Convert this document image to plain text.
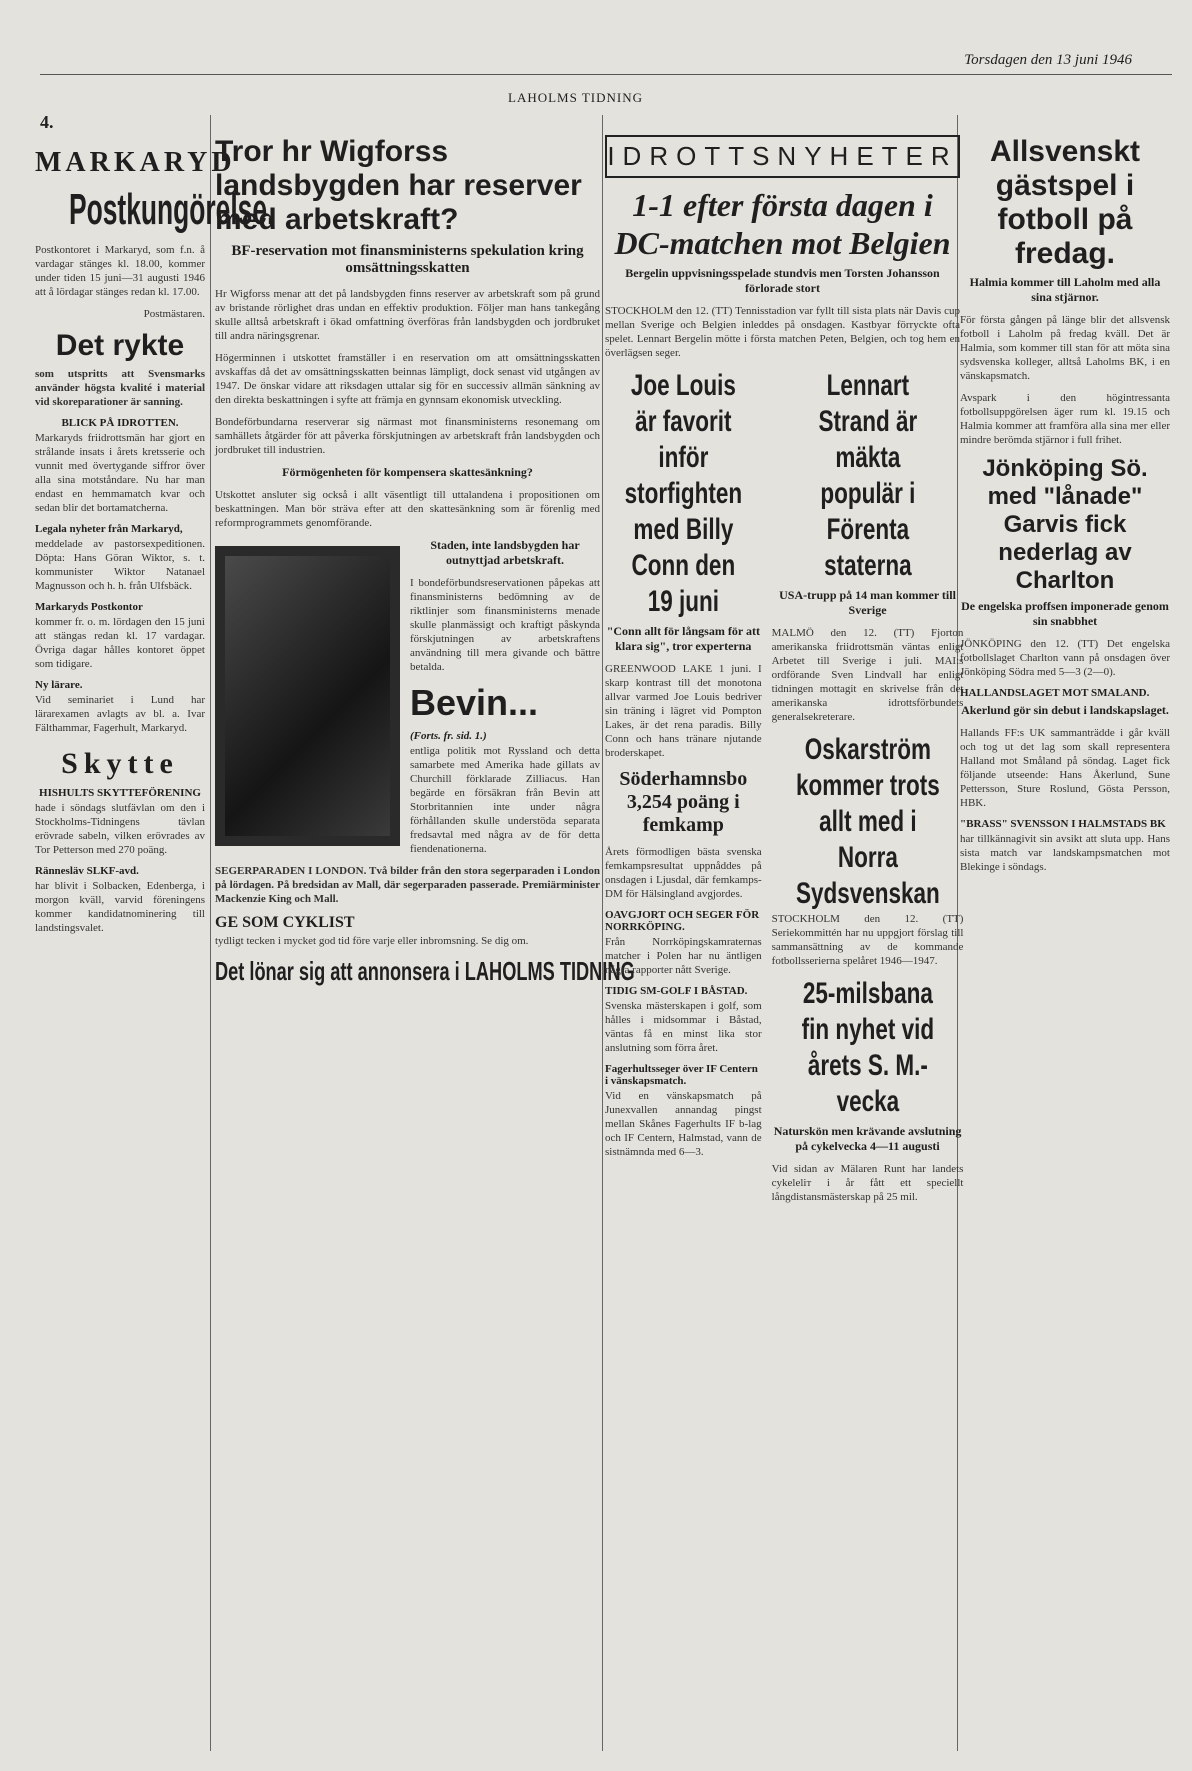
Torsdagen den 13 juni 1946
LAHOLMS TIDNING
4.
MARKARYD
Postkungörelse.

Postkontoret i Markaryd, som f.n. å vardagar stänges kl. 18.00, kommer under tiden 15 juni—31 augusti 1946 att å lördagar stänges redan kl. 17.00.

Postmästaren.

Det rykte

som utspritts att Svensmarks använder högsta kvalité i material vid skoreparationer är sanning.

BLICK PÅ IDROTTEN.

Markaryds friidrottsmän har gjort en strålande insats i årets kretsserie och vunnit med övertygande siffror över alla sina motståndare. Nu har man endast en hemmamatch kvar och sedan blir det bortamatcherna.

Legala nyheter från Markaryd,

meddelade av pastorsexpeditionen. Döpta: Hans Göran Wiktor, s. t. kommunister Wiktor Natanael Magnusson och h. h. från Ulfsbäck.

Markaryds Postkontor

kommer fr. o. m. lördagen den 15 juni att stängas redan kl. 17 vardagar. Övriga dagar hålles kontoret öppet som tidigare.

Ny lärare.

Vid seminariet i Lund har lärarexamen avlagts av bl. a. Ivar Fälthammar, Fagerhult, Markaryd.

Skytte
HISHULTS SKYTTEFÖRENING

hade i söndags slutfävlan om den i Stockholms-Tidningens tävlan erövrade sabeln, vilken erövrades av Tor Petterson med 270 poäng.

Rännesläv SLKF-avd.

har blivit i Solbacken, Edenberga, i morgon kväll, varvid föreningens kommer kandidatnominering till landstingsvalet.

Tror hr Wigforss landsbygden har reserver med arbetskraft?
BF-reservation mot finansministerns spekulation kring omsättningsskatten

Hr Wigforss menar att det på landsbygden finns reserver av arbetskraft som på grund av bristande rörlighet dras undan en effektiv produktion. Följer man hans tankegång skulle alltså arbetskraft i ökad omfattning överföras från landsbygden och jordbruket till andra näringsgrenar.

Högerminnen i utskottet framställer i en reservation om att omsättningsskatten avskaffas då det av omsättningsskatten beinnas lämpligt, dock senast vid utgången av 1947. De önskar vidare att riksdagen uttalar sig för en successiv allmän sänkning av den direkta beskattningen i syfte att främja en gynnsam ekonomisk utveckling.

Bondeförbundarna reserverar sig närmast mot finansministerns resonemang om samhällets åtgärder för att påverka förskjutningen av arbetskraft från landsbygden och jordbruket till industrien.

Förmögenheten för kompensera skattesänkning?

Utskottet ansluter sig också i allt väsentligt till uttalandena i propositionen om beskattningen. Man bör sträva efter att den skattesänkning som är förenlig med reformprogrammets genomförande.

Staden, inte landsbygden har outnyttjad arbetskraft.

I bondeförbundsreservationen påpekas att finansministerns bedömning av de riktlinjer som finansministerns menade skulle planmässigt och kraftigt påskynda förskjutningen av arbetskraftens användning till mera givande och bättre betalda.

Bevin...
(Forts. fr. sid. 1.)

entliga politik mot Ryssland och detta samarbete med Amerika hade gillats av Churchill förklarade Zilliacus. Han begärde en försäkran från Bevin att Storbritannien inte under några förhållanden skulle understöda separata fredsavtal med några av de för detta fiendenationerna.

SEGERPARADEN I LONDON. Två bilder från den stora segerparaden i London på lördagen. På bredsidan av Mall, där segerparaden passerade. Premiärminister Mackenzie King och Mall.

GE SOM CYKLIST

tydligt tecken i mycket god tid före varje eller inbromsning. Se dig om.

Det lönar sig att annonsera i LAHOLMS TIDNING
IDROTTSNYHETER
1-1 efter första dagen i DC-matchen mot Belgien
Bergelin uppvisningsspelade stundvis men Torsten Johansson förlorade stort

STOCKHOLM den 12. (TT) Tennisstadion var fyllt till sista plats när Davis cup mellan Sverige och Belgien inleddes på onsdagen. Kastbyar förryckte ofta spelet. Lennart Bergelin mötte i första matchen Peten, Belgien, och tog hem en överlägsen seger.

Joe Louis är favorit inför storfighten med Billy Conn den 19 juni
"Conn allt för långsam för att klara sig", tror experterna

GREENWOOD LAKE 1 juni. I skarp kontrast till det monotona allvar varmed Joe Louis bedriver sin träning i lägret vid Pompton Lakes, är det rena paradis. Billy Conn och hans tränare njutande broderskapet.

Söderhamnsbo 3,254 poäng i femkamp

Årets förmodligen bästa svenska femkampsresultat uppnåddes på onsdagen i Ljusdal, där femkamps-DM för Hälsingland avgjordes.

OAVGJORT OCH SEGER FÖR NORRKÖPING.

Från Norrköpingskamraternas matcher i Polen har nu äntligen några rapporter nått Sverige.

TIDIG SM-GOLF I BÅSTAD.

Svenska mästerskapen i golf, som hålles i midsommar i Båstad, väntas få en minst lika stor anslutning som förra året.

Fagerhultsseger över IF Centern i vänskapsmatch.

Vid en vänskapsmatch på Junexvallen annandag pingst mellan Skånes Fagerhults IF b-lag och IF Centern, Halmstad, vann de sistnämnda med 6—3.

Lennart Strand är mäkta populär i Förenta staterna
USA-trupp på 14 man kommer till Sverige

MALMÖ den 12. (TT) Fjorton amerikanska friidrottsmän väntas enligt Arbetet till Sverige i juli. MAI:s ordförande Sven Lindvall har enligt tidningen mottagit en skrivelse från det amerikanska idrottsförbundets generalsekreterare.

Oskarström kommer trots allt med i Norra Sydsvenskan

STOCKHOLM den 12. (TT) Seriekommittén har nu uppgjort förslag till sammansättning av de kommande fotbollsserierna spelåret 1946—1947.

25-milsbana fin nyhet vid årets S. M.-vecka
Naturskön men krävande avslutning på cykelvecka 4—11 augusti

Vid sidan av Mälaren Runt har landets cykeleliт i år fått ett speciellt långdistansmästerskap på 25 mil.

Allsvenskt gästspel i fotboll på fredag.
Halmia kommer till Laholm med alla sina stjärnor.

För första gången på länge blir det allsvensk fotboll i Laholm på fredag kväll. Det är Halmia, som kommer till stan för att möta sina sydsvenska kolleger, alltså Laholms BK, i en vänskapsmatch.

Avspark i den högintressanta fotbollsuppgörelsen äger rum kl. 19.15 och Halmia kommer att framföra alla sina mer eller mindre berömda stjärnor i full frihet.

Jönköping Sö. med "lånade" Garvis fick nederlag av Charlton
De engelska proffsen imponerade genom sin snabbhet

JÖNKÖPING den 12. (TT) Det engelska fotbollslaget Charlton vann på onsdagen över Jönköping Södra med 5—3 (2—0).

HALLANDSLAGET MOT SMALAND.
Akerlund gör sin debut i landskapslaget.

Hallands FF:s UK sammanträdde i går kväll och tog ut det lag som skall representera Halland mot Småland på söndag. Laget fick följande utseende: Hans Åkerlund, Sune Pettersson, Sture Roslund, Gösta Persson, HBK.

"BRASS" SVENSSON I HALMSTADS BK

har tillkännagivit sin avsikt att sluta upp. Hans sista match var landskampsmatchen mot Blekinge i söndags.
